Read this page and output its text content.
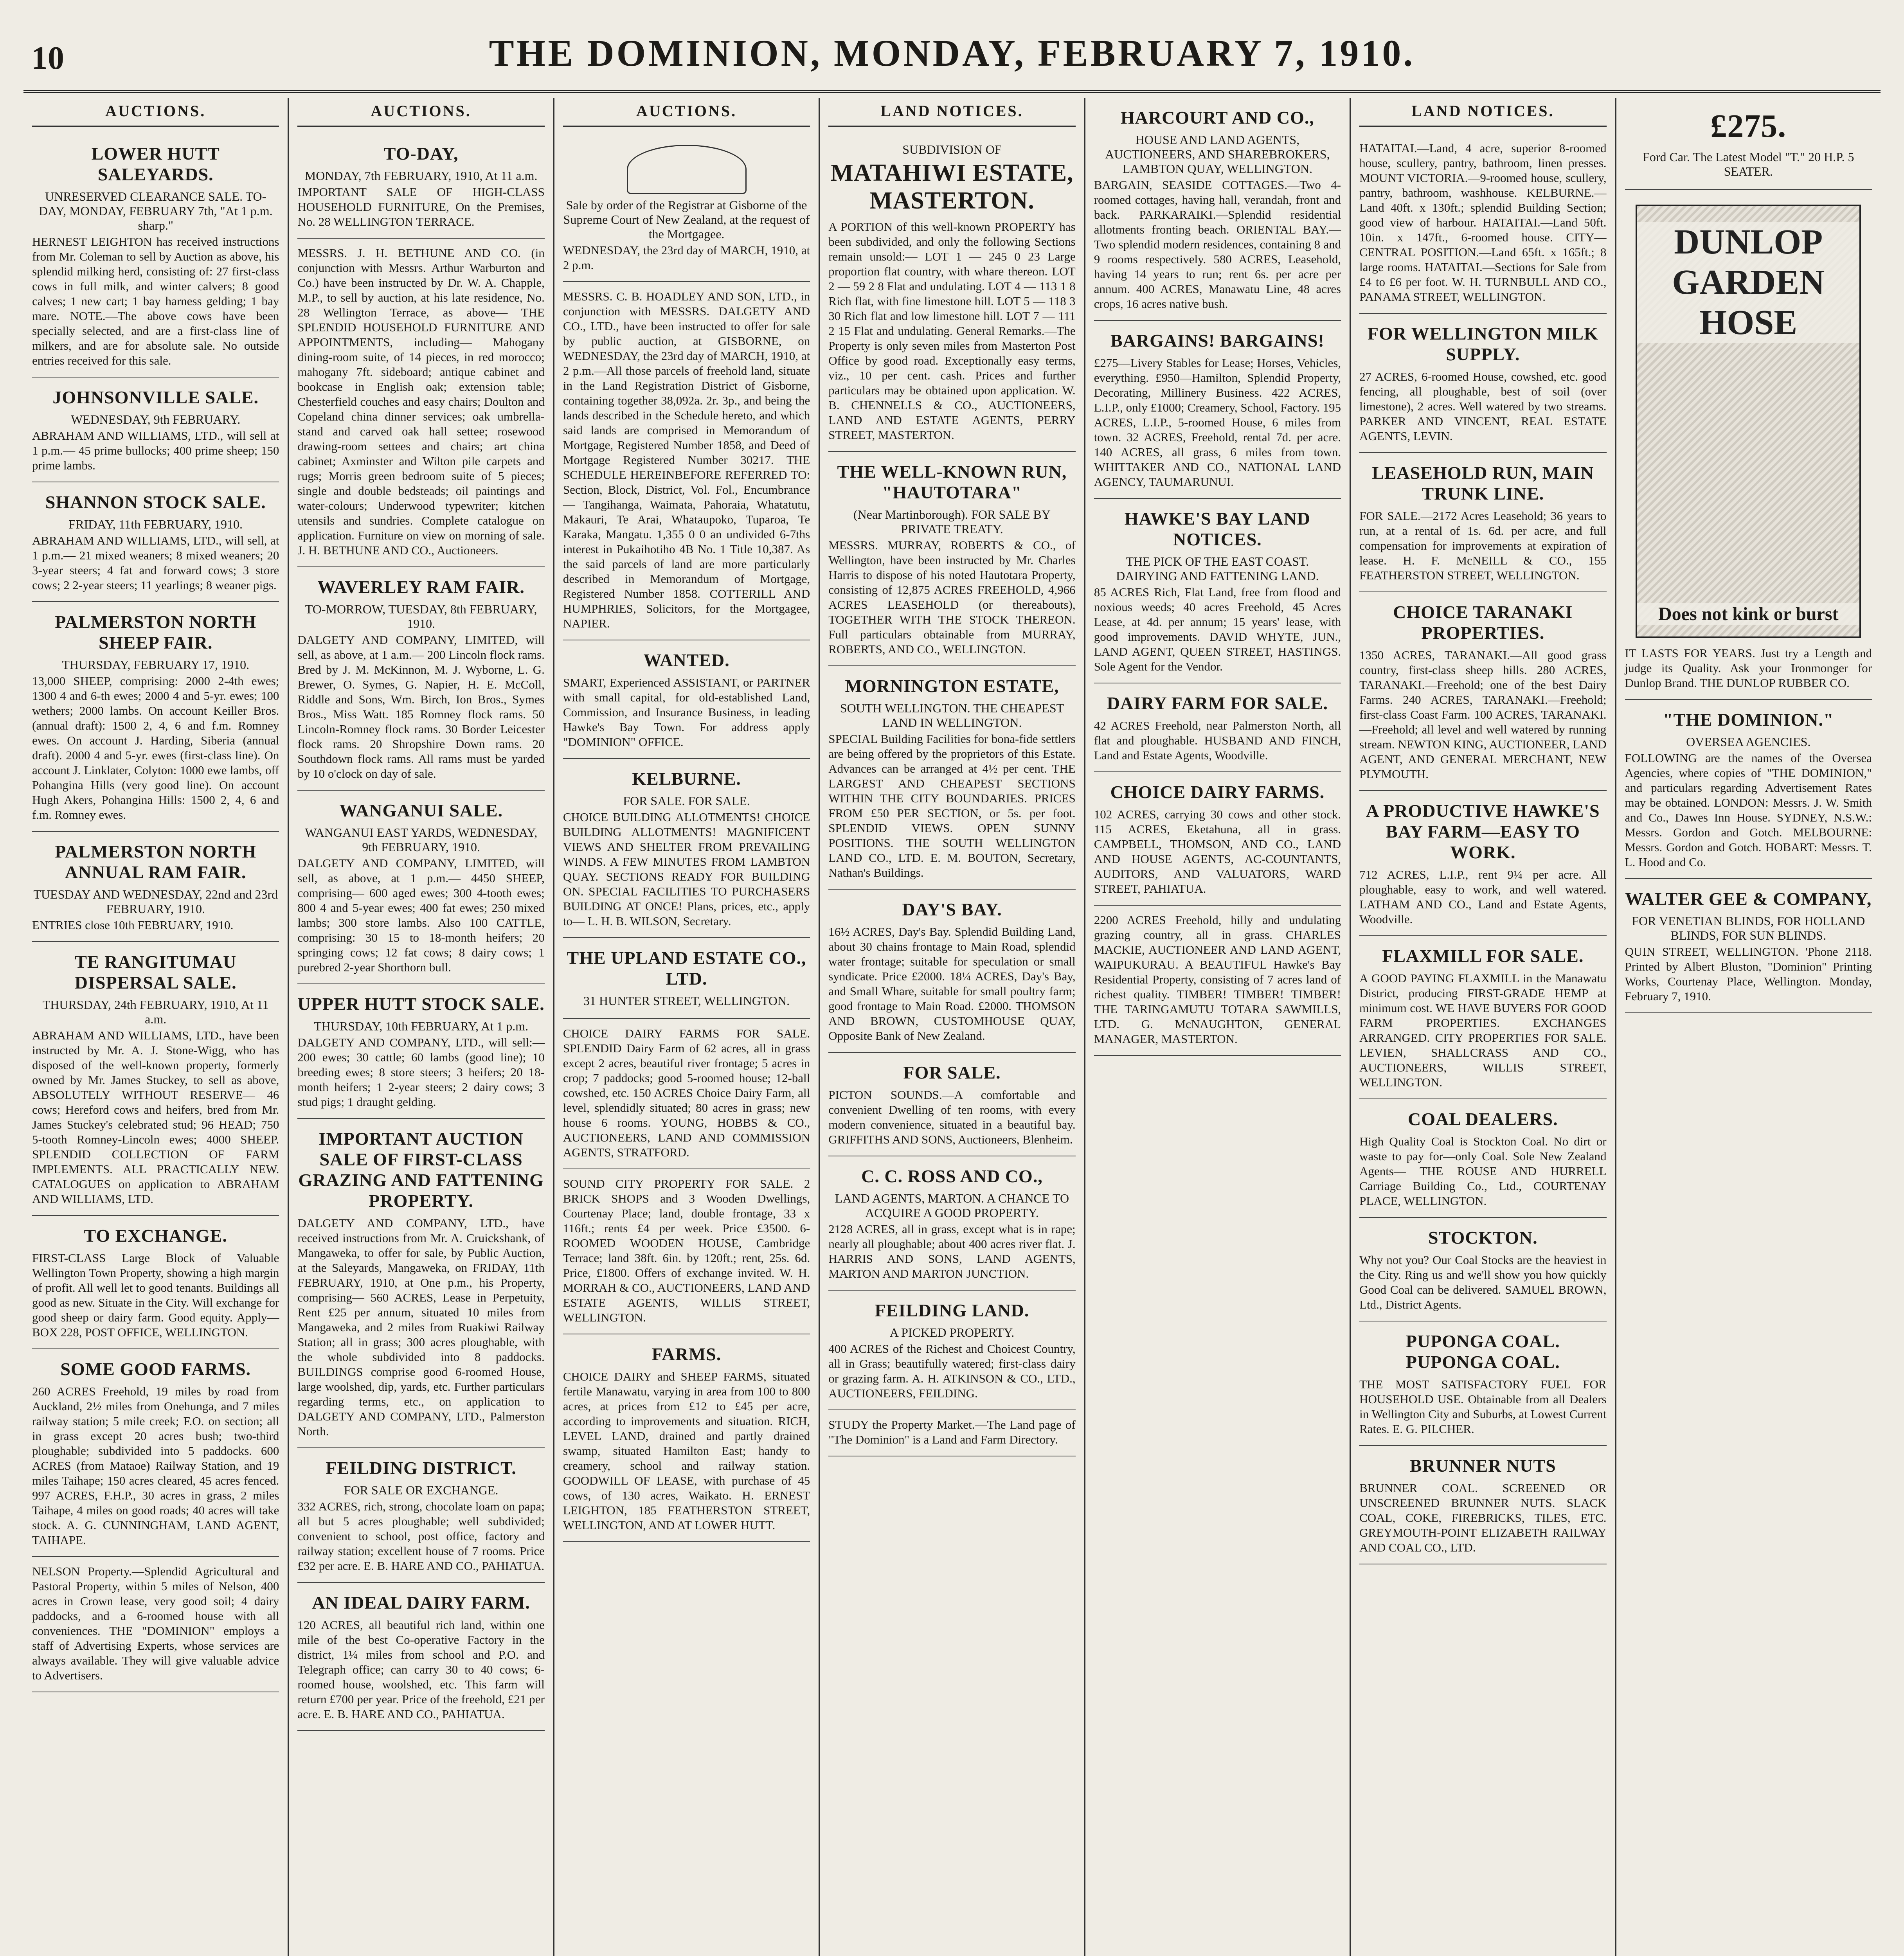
10	THE DOMINION, MONDAY, FEBRUARY 7, 1910.
AUCTIONS.
LOWER HUTT SALEYARDS.
UNRESERVED CLEARANCE SALE. TO-DAY, MONDAY, FEBRUARY 7th, "At 1 p.m. sharp."
HERNEST LEIGHTON has received instructions from Mr. Coleman to sell by Auction as above, his splendid milking herd, consisting of: 27 first-class cows in full milk, and winter calvers; 8 good calves; 1 new cart; 1 bay harness gelding; 1 bay mare. NOTE.—The above cows have been specially selected, and are a first-class line of milkers, and are for absolute sale. No outside entries received for this sale.
JOHNSONVILLE SALE.
WEDNESDAY, 9th FEBRUARY.
ABRAHAM AND WILLIAMS, LTD., will sell at 1 p.m.— 45 prime bullocks; 400 prime sheep; 150 prime lambs.
SHANNON STOCK SALE.
FRIDAY, 11th FEBRUARY, 1910.
ABRAHAM AND WILLIAMS, LTD., will sell, at 1 p.m.— 21 mixed weaners; 8 mixed weaners; 20 3-year steers; 4 fat and forward cows; 3 store cows; 2 2-year steers; 11 yearlings; 8 weaner pigs.
PALMERSTON NORTH SHEEP FAIR.
THURSDAY, FEBRUARY 17, 1910.
13,000 SHEEP, comprising: 2000 2-4th ewes; 1300 4 and 6-th ewes; 2000 4 and 5-yr. ewes; 100 wethers; 2000 lambs. On account Keiller Bros. (annual draft): 1500 2, 4, 6 and f.m. Romney ewes. On account J. Harding, Siberia (annual draft). 2000 4 and 5-yr. ewes (first-class line). On account J. Linklater, Colyton: 1000 ewe lambs, off Pohangina Hills (very good line). On account Hugh Akers, Pohangina Hills: 1500 2, 4, 6 and f.m. Romney ewes.
PALMERSTON NORTH ANNUAL RAM FAIR.
TUESDAY AND WEDNESDAY, 22nd and 23rd FEBRUARY, 1910.
ENTRIES close 10th FEBRUARY, 1910.
TE RANGITUMAU DISPERSAL SALE.
THURSDAY, 24th FEBRUARY, 1910, At 11 a.m.
ABRAHAM AND WILLIAMS, LTD., have been instructed by Mr. A. J. Stone-Wigg, who has disposed of the well-known property, formerly owned by Mr. James Stuckey, to sell as above, ABSOLUTELY WITHOUT RESERVE— 46 cows; Hereford cows and heifers, bred from Mr. James Stuckey's celebrated stud; 96 HEAD; 750 5-tooth Romney-Lincoln ewes; 4000 SHEEP. SPLENDID COLLECTION OF FARM IMPLEMENTS. ALL PRACTICALLY NEW. CATALOGUES on application to ABRAHAM AND WILLIAMS, LTD.
TO EXCHANGE.
FIRST-CLASS Large Block of Valuable Wellington Town Property, showing a high margin of profit. All well let to good tenants. Buildings all good as new. Situate in the City. Will exchange for good sheep or dairy farm. Good equity. Apply— BOX 228, POST OFFICE, WELLINGTON.
SOME GOOD FARMS.
260 ACRES Freehold, 19 miles by road from Auckland, 2½ miles from Onehunga, and 7 miles railway station; 5 mile creek; F.O. on section; all in grass except 20 acres bush; two-third ploughable; subdivided into 5 paddocks. 600 ACRES (from Mataoe) Railway Station, and 19 miles Taihape; 150 acres cleared, 45 acres fenced. 997 ACRES, F.H.P., 30 acres in grass, 2 miles Taihape, 4 miles on good roads; 40 acres will take stock. A. G. CUNNINGHAM, LAND AGENT, TAIHAPE.
NELSON Property.—Splendid Agricultural and Pastoral Property, within 5 miles of Nelson, 400 acres in Crown lease, very good soil; 4 dairy paddocks, and a 6-roomed house with all conveniences. THE "DOMINION" employs a staff of Advertising Experts, whose services are always available. They will give valuable advice to Advertisers.
AUCTIONS.
TO-DAY,
MONDAY, 7th FEBRUARY, 1910, At 11 a.m.
IMPORTANT SALE OF HIGH-CLASS HOUSEHOLD FURNITURE, On the Premises, No. 28 WELLINGTON TERRACE.
MESSRS. J. H. BETHUNE AND CO. (in conjunction with Messrs. Arthur Warburton and Co.) have been instructed by Dr. W. A. Chapple, M.P., to sell by auction, at his late residence, No. 28 Wellington Terrace, as above— THE SPLENDID HOUSEHOLD FURNITURE AND APPOINTMENTS, including— Mahogany dining-room suite, of 14 pieces, in red morocco; mahogany 7ft. sideboard; antique cabinet and bookcase in English oak; extension table; Chesterfield couches and easy chairs; Doulton and Copeland china dinner services; oak umbrella-stand and carved oak hall settee; rosewood drawing-room settees and chairs; art china cabinet; Axminster and Wilton pile carpets and rugs; Morris green bedroom suite of 5 pieces; single and double bedsteads; oil paintings and water-colours; Underwood typewriter; kitchen utensils and sundries. Complete catalogue on application. Furniture on view on morning of sale. J. H. BETHUNE AND CO., Auctioneers.
WAVERLEY RAM FAIR.
TO-MORROW, TUESDAY, 8th FEBRUARY, 1910.
DALGETY AND COMPANY, LIMITED, will sell, as above, at 1 a.m.— 200 Lincoln flock rams. Bred by J. M. McKinnon, M. J. Wyborne, L. G. Brewer, O. Symes, G. Napier, H. E. McColl, Riddle and Sons, Wm. Birch, Ion Bros., Symes Bros., Miss Watt. 185 Romney flock rams. 50 Lincoln-Romney flock rams. 30 Border Leicester flock rams. 20 Shropshire Down rams. 20 Southdown flock rams. All rams must be yarded by 10 o'clock on day of sale.
WANGANUI SALE.
WANGANUI EAST YARDS, WEDNESDAY, 9th FEBRUARY, 1910.
DALGETY AND COMPANY, LIMITED, will sell, as above, at 1 p.m.— 4450 SHEEP, comprising— 600 aged ewes; 300 4-tooth ewes; 800 4 and 5-year ewes; 400 fat ewes; 250 mixed lambs; 300 store lambs. Also 100 CATTLE, comprising: 30 15 to 18-month heifers; 20 springing cows; 12 fat cows; 8 dairy cows; 1 purebred 2-year Shorthorn bull.
UPPER HUTT STOCK SALE.
THURSDAY, 10th FEBRUARY, At 1 p.m.
DALGETY AND COMPANY, LTD., will sell:— 200 ewes; 30 cattle; 60 lambs (good line); 10 breeding ewes; 8 store steers; 3 heifers; 20 18-month heifers; 1 2-year steers; 2 dairy cows; 3 stud pigs; 1 draught gelding.
IMPORTANT AUCTION SALE OF FIRST-CLASS GRAZING AND FATTENING PROPERTY.
DALGETY AND COMPANY, LTD., have received instructions from Mr. A. Cruickshank, of Mangaweka, to offer for sale, by Public Auction, at the Saleyards, Mangaweka, on FRIDAY, 11th FEBRUARY, 1910, at One p.m., his Property, comprising— 560 ACRES, Lease in Perpetuity, Rent £25 per annum, situated 10 miles from Mangaweka, and 2 miles from Ruakiwi Railway Station; all in grass; 300 acres ploughable, with the whole subdivided into 8 paddocks. BUILDINGS comprise good 6-roomed House, large woolshed, dip, yards, etc. Further particulars regarding terms, etc., on application to DALGETY AND COMPANY, LTD., Palmerston North.
FEILDING DISTRICT.
FOR SALE OR EXCHANGE.
332 ACRES, rich, strong, chocolate loam on papa; all but 5 acres ploughable; well subdivided; convenient to school, post office, factory and railway station; excellent house of 7 rooms. Price £32 per acre. E. B. HARE AND CO., PAHIATUA.
AN IDEAL DAIRY FARM.
120 ACRES, all beautiful rich land, within one mile of the best Co-operative Factory in the district, 1¼ miles from school and P.O. and Telegraph office; can carry 30 to 40 cows; 6-roomed house, woolshed, etc. This farm will return £700 per year. Price of the freehold, £21 per acre. E. B. HARE AND CO., PAHIATUA.
AUCTIONS.
Sale by order of the Registrar at Gisborne of the Supreme Court of New Zealand, at the request of the Mortgagee.
WEDNESDAY, the 23rd day of MARCH, 1910, at 2 p.m.
MESSRS. C. B. HOADLEY AND SON, LTD., in conjunction with MESSRS. DALGETY AND CO., LTD., have been instructed to offer for sale by public auction, at GISBORNE, on WEDNESDAY, the 23rd day of MARCH, 1910, at 2 p.m.—All those parcels of freehold land, situate in the Land Registration District of Gisborne, containing together 38,092a. 2r. 3p., and being the lands described in the Schedule hereto, and which said lands are comprised in Memorandum of Mortgage, Registered Number 1858, and Deed of Mortgage Registered Number 30217. THE SCHEDULE HEREINBEFORE REFERRED TO: Section, Block, District, Vol. Fol., Encumbrance — Tangihanga, Waimata, Pahoraia, Whatatutu, Makauri, Te Arai, Whataupoko, Tuparoa, Te Karaka, Mangatu. 1,355 0 0 an undivided 6-7ths interest in Pukaihotiho 4B No. 1 Title 10,387. As the said parcels of land are more particularly described in Memorandum of Mortgage, Registered Number 1858. COTTERILL AND HUMPHRIES, Solicitors, for the Mortgagee, NAPIER.
WANTED.
SMART, Experienced ASSISTANT, or PARTNER with small capital, for old-established Land, Commission, and Insurance Business, in leading Hawke's Bay Town. For address apply "DOMINION" OFFICE.
KELBURNE.
FOR SALE. FOR SALE.
CHOICE BUILDING ALLOTMENTS! CHOICE BUILDING ALLOTMENTS! MAGNIFICENT VIEWS AND SHELTER FROM PREVAILING WINDS. A FEW MINUTES FROM LAMBTON QUAY. SECTIONS READY FOR BUILDING ON. SPECIAL FACILITIES TO PURCHASERS BUILDING AT ONCE! Plans, prices, etc., apply to— L. H. B. WILSON, Secretary.
THE UPLAND ESTATE CO., LTD.
31 HUNTER STREET, WELLINGTON.
CHOICE DAIRY FARMS FOR SALE. SPLENDID Dairy Farm of 62 acres, all in grass except 2 acres, beautiful river frontage; 5 acres in crop; 7 paddocks; good 5-roomed house; 12-ball cowshed, etc. 150 ACRES Choice Dairy Farm, all level, splendidly situated; 80 acres in grass; new house 6 rooms. YOUNG, HOBBS & CO., AUCTIONEERS, LAND AND COMMISSION AGENTS, STRATFORD.
SOUND CITY PROPERTY FOR SALE. 2 BRICK SHOPS and 3 Wooden Dwellings, Courtenay Place; land, double frontage, 33 x 116ft.; rents £4 per week. Price £3500. 6-ROOMED WOODEN HOUSE, Cambridge Terrace; land 38ft. 6in. by 120ft.; rent, 25s. 6d. Price, £1800. Offers of exchange invited. W. H. MORRAH & CO., AUCTIONEERS, LAND AND ESTATE AGENTS, WILLIS STREET, WELLINGTON.
FARMS.
CHOICE DAIRY and SHEEP FARMS, situated fertile Manawatu, varying in area from 100 to 800 acres, at prices from £12 to £45 per acre, according to improvements and situation. RICH, LEVEL LAND, drained and partly drained swamp, situated Hamilton East; handy to creamery, school and railway station. GOODWILL OF LEASE, with purchase of 45 cows, of 130 acres, Waikato. H. ERNEST LEIGHTON, 185 FEATHERSTON STREET, WELLINGTON, AND AT LOWER HUTT.
LAND NOTICES.
SUBDIVISION OF
MATAHIWI ESTATE, MASTERTON.
A PORTION of this well-known PROPERTY has been subdivided, and only the following Sections remain unsold:— LOT 1 — 245 0 23 Large proportion flat country, with whare thereon. LOT 2 — 59 2 8 Flat and undulating. LOT 4 — 113 1 8 Rich flat, with fine limestone hill. LOT 5 — 118 3 30 Rich flat and low limestone hill. LOT 7 — 111 2 15 Flat and undulating. General Remarks.—The Property is only seven miles from Masterton Post Office by good road. Exceptionally easy terms, viz., 10 per cent. cash. Prices and further particulars may be obtained upon application. W. B. CHENNELLS & CO., AUCTIONEERS, LAND AND ESTATE AGENTS, PERRY STREET, MASTERTON.
THE WELL-KNOWN RUN, "HAUTOTARA"
(Near Martinborough). FOR SALE BY PRIVATE TREATY.
MESSRS. MURRAY, ROBERTS & CO., of Wellington, have been instructed by Mr. Charles Harris to dispose of his noted Hautotara Property, consisting of 12,875 ACRES FREEHOLD, 4,966 ACRES LEASEHOLD (or thereabouts), TOGETHER WITH THE STOCK THEREON. Full particulars obtainable from MURRAY, ROBERTS, AND CO., WELLINGTON.
MORNINGTON ESTATE,
SOUTH WELLINGTON. THE CHEAPEST LAND IN WELLINGTON.
SPECIAL Building Facilities for bona-fide settlers are being offered by the proprietors of this Estate. Advances can be arranged at 4½ per cent. THE LARGEST AND CHEAPEST SECTIONS WITHIN THE CITY BOUNDARIES. PRICES FROM £50 PER SECTION, or 5s. per foot. SPLENDID VIEWS. OPEN SUNNY POSITIONS. THE SOUTH WELLINGTON LAND CO., LTD. E. M. BOUTON, Secretary, Nathan's Buildings.
DAY'S BAY.
16½ ACRES, Day's Bay. Splendid Building Land, about 30 chains frontage to Main Road, splendid water frontage; suitable for speculation or small syndicate. Price £2000. 18¼ ACRES, Day's Bay, and Small Whare, suitable for small poultry farm; good frontage to Main Road. £2000. THOMSON AND BROWN, CUSTOMHOUSE QUAY, Opposite Bank of New Zealand.
FOR SALE.
PICTON SOUNDS.—A comfortable and convenient Dwelling of ten rooms, with every modern convenience, situated in a beautiful bay. GRIFFITHS AND SONS, Auctioneers, Blenheim.
C. C. ROSS AND CO.,
LAND AGENTS, MARTON. A CHANCE TO ACQUIRE A GOOD PROPERTY.
2128 ACRES, all in grass, except what is in rape; nearly all ploughable; about 400 acres river flat. J. HARRIS AND SONS, LAND AGENTS, MARTON AND MARTON JUNCTION.
FEILDING LAND.
A PICKED PROPERTY.
400 ACRES of the Richest and Choicest Country, all in Grass; beautifully watered; first-class dairy or grazing farm. A. H. ATKINSON & CO., LTD., AUCTIONEERS, FEILDING.
STUDY the Property Market.—The Land page of "The Dominion" is a Land and Farm Directory.
HARCOURT AND CO.,
HOUSE AND LAND AGENTS, AUCTIONEERS, AND SHAREBROKERS, LAMBTON QUAY, WELLINGTON.
BARGAIN, SEASIDE COTTAGES.—Two 4-roomed cottages, having hall, verandah, front and back. PARKARAIKI.—Splendid residential allotments fronting beach. ORIENTAL BAY.—Two splendid modern residences, containing 8 and 9 rooms respectively. 580 ACRES, Leasehold, having 14 years to run; rent 6s. per acre per annum. 400 ACRES, Manawatu Line, 48 acres crops, 16 acres native bush.
BARGAINS! BARGAINS!
£275—Livery Stables for Lease; Horses, Vehicles, everything. £950—Hamilton, Splendid Property, Decorating, Millinery Business. 422 ACRES, L.I.P., only £1000; Creamery, School, Factory. 195 ACRES, L.I.P., 5-roomed House, 6 miles from town. 32 ACRES, Freehold, rental 7d. per acre. 140 ACRES, all grass, 6 miles from town. WHITTAKER AND CO., NATIONAL LAND AGENCY, TAUMARUNUI.
HAWKE'S BAY LAND NOTICES.
THE PICK OF THE EAST COAST. DAIRYING AND FATTENING LAND.
85 ACRES Rich, Flat Land, free from flood and noxious weeds; 40 acres Freehold, 45 Acres Lease, at 4d. per annum; 15 years' lease, with good improvements. DAVID WHYTE, JUN., LAND AGENT, QUEEN STREET, HASTINGS. Sole Agent for the Vendor.
DAIRY FARM FOR SALE.
42 ACRES Freehold, near Palmerston North, all flat and ploughable. HUSBAND AND FINCH, Land and Estate Agents, Woodville.
CHOICE DAIRY FARMS.
102 ACRES, carrying 30 cows and other stock. 115 ACRES, Eketahuna, all in grass. CAMPBELL, THOMSON, AND CO., LAND AND HOUSE AGENTS, AC-COUNTANTS, AUDITORS, AND VALUATORS, WARD STREET, PAHIATUA.
2200 ACRES Freehold, hilly and undulating grazing country, all in grass. CHARLES MACKIE, AUCTIONEER AND LAND AGENT, WAIPUKURAU. A BEAUTIFUL Hawke's Bay Residential Property, consisting of 7 acres land of richest quality. TIMBER! TIMBER! TIMBER! THE TARINGAMUTU TOTARA SAWMILLS, LTD. G. McNAUGHTON, GENERAL MANAGER, MASTERTON.
LAND NOTICES.
HATAITAI.—Land, 4 acre, superior 8-roomed house, scullery, pantry, bathroom, linen presses. MOUNT VICTORIA.—9-roomed house, scullery, pantry, bathroom, washhouse. KELBURNE.—Land 40ft. x 130ft.; splendid Building Section; good view of harbour. HATAITAI.—Land 50ft. 10in. x 147ft., 6-roomed house. CITY—CENTRAL POSITION.—Land 65ft. x 165ft.; 8 large rooms. HATAITAI.—Sections for Sale from £4 to £6 per foot. W. H. TURNBULL AND CO., PANAMA STREET, WELLINGTON.
FOR WELLINGTON MILK SUPPLY.
27 ACRES, 6-roomed House, cowshed, etc. good fencing, all ploughable, best of soil (over limestone), 2 acres. Well watered by two streams. PARKER AND VINCENT, REAL ESTATE AGENTS, LEVIN.
LEASEHOLD RUN, MAIN TRUNK LINE.
FOR SALE.—2172 Acres Leasehold; 36 years to run, at a rental of 1s. 6d. per acre, and full compensation for improvements at expiration of lease. H. F. McNEILL & CO., 155 FEATHERSTON STREET, WELLINGTON.
CHOICE TARANAKI PROPERTIES.
1350 ACRES, TARANAKI.—All good grass country, first-class sheep hills. 280 ACRES, TARANAKI.—Freehold; one of the best Dairy Farms. 240 ACRES, TARANAKI.—Freehold; first-class Coast Farm. 100 ACRES, TARANAKI.—Freehold; all level and well watered by running stream. NEWTON KING, AUCTIONEER, LAND AGENT, AND GENERAL MERCHANT, NEW PLYMOUTH.
A PRODUCTIVE HAWKE'S BAY FARM—EASY TO WORK.
712 ACRES, L.I.P., rent 9¼ per acre. All ploughable, easy to work, and well watered. LATHAM AND CO., Land and Estate Agents, Woodville.
FLAXMILL FOR SALE.
A GOOD PAYING FLAXMILL in the Manawatu District, producing FIRST-GRADE HEMP at minimum cost. WE HAVE BUYERS FOR GOOD FARM PROPERTIES. EXCHANGES ARRANGED. CITY PROPERTIES FOR SALE. LEVIEN, SHALLCRASS AND CO., AUCTIONEERS, WILLIS STREET, WELLINGTON.
COAL DEALERS.
High Quality Coal is Stockton Coal. No dirt or waste to pay for—only Coal. Sole New Zealand Agents— THE ROUSE AND HURRELL Carriage Building Co., Ltd., COURTENAY PLACE, WELLINGTON.
STOCKTON.
Why not you? Our Coal Stocks are the heaviest in the City. Ring us and we'll show you how quickly Good Coal can be delivered. SAMUEL BROWN, Ltd., District Agents.
PUPONGA COAL. PUPONGA COAL.
THE MOST SATISFACTORY FUEL FOR HOUSEHOLD USE. Obtainable from all Dealers in Wellington City and Suburbs, at Lowest Current Rates. E. G. PILCHER.
BRUNNER NUTS
BRUNNER COAL. SCREENED OR UNSCREENED BRUNNER NUTS. SLACK COAL, COKE, FIREBRICKS, TILES, ETC. GREYMOUTH-POINT ELIZABETH RAILWAY AND COAL CO., LTD.
£275.
Ford Car. The Latest Model "T." 20 H.P. 5 SEATER.
DUNLOP GARDEN HOSE
Does not kink or burst
IT LASTS FOR YEARS. Just try a Length and judge its Quality. Ask your Ironmonger for Dunlop Brand. THE DUNLOP RUBBER CO.
"THE DOMINION."
OVERSEA AGENCIES.
FOLLOWING are the names of the Oversea Agencies, where copies of "THE DOMINION," and particulars regarding Advertisement Rates may be obtained. LONDON: Messrs. J. W. Smith and Co., Dawes Inn House. SYDNEY, N.S.W.: Messrs. Gordon and Gotch. MELBOURNE: Messrs. Gordon and Gotch. HOBART: Messrs. T. L. Hood and Co.
WALTER GEE & COMPANY,
FOR VENETIAN BLINDS, FOR HOLLAND BLINDS, FOR SUN BLINDS.
QUIN STREET, WELLINGTON. 'Phone 2118. Printed by Albert Bluston, "Dominion" Printing Works, Courtenay Place, Wellington. Monday, February 7, 1910.
